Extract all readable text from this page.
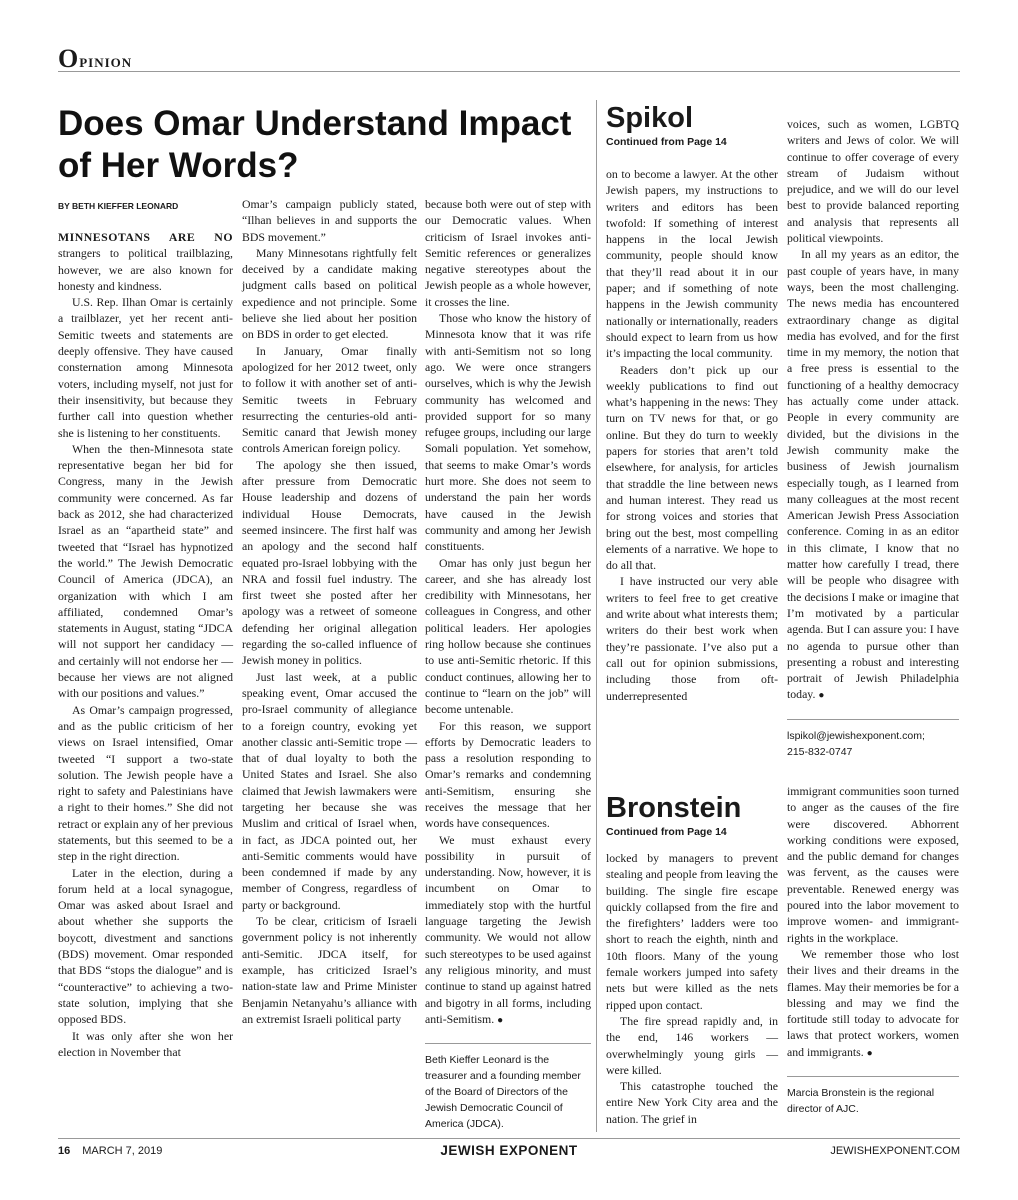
Opinion
Does Omar Understand Impact of Her Words?
BY BETH KIEFFER LEONARD

MINNESOTANS ARE NO strangers to political trailblazing, however, we are also known for honesty and kindness.

U.S. Rep. Ilhan Omar is certainly a trailblazer, yet her recent anti-Semitic tweets and statements are deeply offensive. They have caused consternation among Minnesota voters, including myself, not just for their insensitivity, but because they further call into question whether she is listening to her constituents.

When the then-Minnesota state representative began her bid for Congress, many in the Jewish community were concerned. As far back as 2012, she had characterized Israel as an “apartheid state” and tweeted that “Israel has hypnotized the world.” The Jewish Democratic Council of America (JDCA), an organization with which I am affiliated, condemned Omar’s statements in August, stating “JDCA will not support her candidacy — and certainly will not endorse her — because her views are not aligned with our positions and values.”

As Omar’s campaign progressed, and as the public criticism of her views on Israel intensified, Omar tweeted “I support a two-state solution. The Jewish people have a right to safety and Palestinians have a right to their homes.” She did not retract or explain any of her previous statements, but this seemed to be a step in the right direction.

Later in the election, during a forum held at a local synagogue, Omar was asked about Israel and about whether she supports the boycott, divestment and sanctions (BDS) movement. Omar responded that BDS “stops the dialogue” and is “counteractive” to achieving a two-state solution, implying that she opposed BDS.

It was only after she won her election in November that

Omar’s campaign publicly stated, “Ilhan believes in and supports the BDS movement.”

Many Minnesotans rightfully felt deceived by a candidate making judgment calls based on political expedience and not principle. Some believe she lied about her position on BDS in order to get elected.

In January, Omar finally apologized for her 2012 tweet, only to follow it with another set of anti-Semitic tweets in February resurrecting the centuries-old anti-Semitic canard that Jewish money controls American foreign policy.

The apology she then issued, after pressure from Democratic House leadership and dozens of individual House Democrats, seemed insincere. The first half was an apology and the second half equated pro-Israel lobbying with the NRA and fossil fuel industry. The first tweet she posted after her apology was a retweet of someone defending her original allegation regarding the so-called influence of Jewish money in politics.

Just last week, at a public speaking event, Omar accused the pro-Israel community of allegiance to a foreign country, evoking yet another classic anti-Semitic trope — that of dual loyalty to both the United States and Israel. She also claimed that Jewish lawmakers were targeting her because she was Muslim and critical of Israel when, in fact, as JDCA pointed out, her anti-Semitic comments would have been condemned if made by any member of Congress, regardless of party or background.

To be clear, criticism of Israeli government policy is not inherently anti-Semitic. JDCA itself, for example, has criticized Israel’s nation-state law and Prime Minister Benjamin Netanyahu’s alliance with an extremist Israeli political party

because both were out of step with our Democratic values. When criticism of Israel invokes anti-Semitic references or generalizes negative stereotypes about the Jewish people as a whole however, it crosses the line.

Those who know the history of Minnesota know that it was rife with anti-Semitism not so long ago. We were once strangers ourselves, which is why the Jewish community has welcomed and provided support for so many refugee groups, including our large Somali population. Yet somehow, that seems to make Omar’s words hurt more. She does not seem to understand the pain her words have caused in the Jewish community and among her Jewish constituents.

Omar has only just begun her career, and she has already lost credibility with Minnesotans, her colleagues in Congress, and other political leaders. Her apologies ring hollow because she continues to use anti-Semitic rhetoric. If this conduct continues, allowing her to continue to “learn on the job” will become untenable.

For this reason, we support efforts by Democratic leaders to pass a resolution responding to Omar’s remarks and condemning anti-Semitism, ensuring she receives the message that her words have consequences.

We must exhaust every possibility in pursuit of understanding. Now, however, it is incumbent on Omar to immediately stop with the hurtful language targeting the Jewish community. We would not allow such stereotypes to be used against any religious minority, and must continue to stand up against hatred and bigotry in all forms, including anti-Semitism. ●

Beth Kieffer Leonard is the treasurer and a founding member of the Board of Directors of the Jewish Democratic Council of America (JDCA).
Spikol
Continued from Page 14

on to become a lawyer. At the other Jewish papers, my instructions to writers and editors has been twofold: If something of interest happens in the local Jewish community, people should know that they’ll read about it in our paper; and if something of note happens in the Jewish community nationally or internationally, readers should expect to learn from us how it’s impacting the local community.

Readers don’t pick up our weekly publications to find out what’s happening in the news: They turn on TV news for that, or go online. But they do turn to weekly papers for stories that aren’t told elsewhere, for analysis, for articles that straddle the line between news and human interest. They read us for strong voices and stories that bring out the best, most compelling elements of a narrative. We hope to do all that.

I have instructed our very able writers to feel free to get creative and write about what interests them; writers do their best work when they’re passionate. I’ve also put a call out for opinion submissions, including those from oft-underrepresented

voices, such as women, LGBTQ writers and Jews of color. We will continue to offer coverage of every stream of Judaism without prejudice, and we will do our level best to provide balanced reporting and analysis that represents all political viewpoints.

In all my years as an editor, the past couple of years have, in many ways, been the most challenging. The news media has encountered extraordinary change as digital media has evolved, and for the first time in my memory, the notion that a free press is essential to the functioning of a healthy democracy has actually come under attack. People in every community are divided, but the divisions in the Jewish community make the business of Jewish journalism especially tough, as I learned from many colleagues at the most recent American Jewish Press Association conference. Coming in as an editor in this climate, I know that no matter how carefully I tread, there will be people who disagree with the decisions I make or imagine that I’m motivated by a particular agenda. But I can assure you: I have no agenda to pursue other than presenting a robust and interesting portrait of Jewish Philadelphia today. ●

lspikol@jewishexponent.com;
215-832-0747
Bronstein
Continued from Page 14

locked by managers to prevent stealing and people from leaving the building. The single fire escape quickly collapsed from the fire and the firefighters’ ladders were too short to reach the eighth, ninth and 10th floors. Many of the young female workers jumped into safety nets but were killed as the nets ripped upon contact.

The fire spread rapidly and, in the end, 146 workers — overwhelmingly young girls — were killed.

This catastrophe touched the entire New York City area and the nation. The grief in

immigrant communities soon turned to anger as the causes of the fire were discovered. Abhorrent working conditions were exposed, and the public demand for changes was fervent, as the causes were preventable. Renewed energy was poured into the labor movement to improve women- and immigrant-rights in the workplace.

We remember those who lost their lives and their dreams in the flames. May their memories be for a blessing and may we find the fortitude still today to advocate for laws that protect workers, women and immigrants. ●

Marcia Bronstein is the regional director of AJC.
16 MARCH 7, 2019	JEWISH EXPONENT	JEWISHEXPONENT.COM
